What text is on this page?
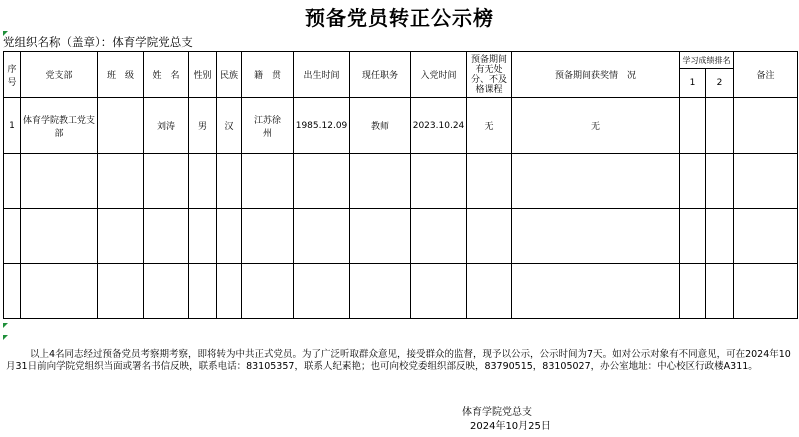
预备党员转正公示榜
党组织名称（盖章）：体育学院党总支
序号	党支部	班　级	姓　名	性别	民族	籍　贯	出生时间	现任职务	入党时间	预备期间有无处分、不及格课程	预备期间获奖情　况	学习成绩排名		备注
												1	2	
1	体育学院教工党支部		刘涛	男	汉	江苏徐州	1985.12.09	教师	2023.10.24	无	无			

以上4名同志经过预备党员考察期考察，即将转为中共正式党员。为了广泛听取群众意见，接受群众的监督，现予以公示，公示时间为7天。如对公示对象有不同意见，可在2024年10月31日前向学院党组织当面或署名书信反映，联系电话：83105357，联系人纪素艳；也可向校党委组织部反映，83790515，83105027，办公室地址：中心校区行政楼A311。
体育学院党总支
2024年10月25日
